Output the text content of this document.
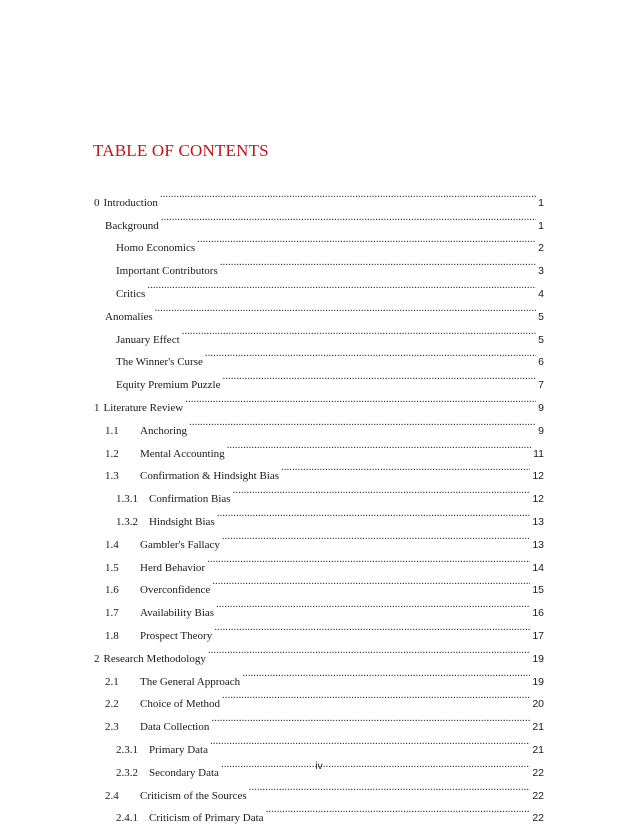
TABLE OF CONTENTS
0 Introduction .....	1
Background .....	1
Homo Economics .....	2
Important Contributors .....	3
Critics .....	4
Anomalies .....	5
January Effect .....	5
The Winner's Curse .....	6
Equity Premium Puzzle .....	7
1 Literature Review .....	9
1.1	Anchoring .....	9
1.2	Mental Accounting .....	11
1.3	Confirmation & Hindsight Bias .....	12
1.3.1	Confirmation Bias .....	12
1.3.2	Hindsight Bias .....	13
1.4	Gambler's Fallacy .....	13
1.5	Herd Behavior .....	14
1.6	Overconfidence .....	15
1.7	Availability Bias .....	16
1.8	Prospect Theory .....	17
2 Research Methodology .....	19
2.1	The General Approach .....	19
2.2	Choice of Method .....	20
2.3	Data Collection .....	21
2.3.1	Primary Data .....	21
2.3.2	Secondary Data .....	22
2.4	Criticism of the Sources .....	22
2.4.1	Criticism of Primary Data .....	22
iv
